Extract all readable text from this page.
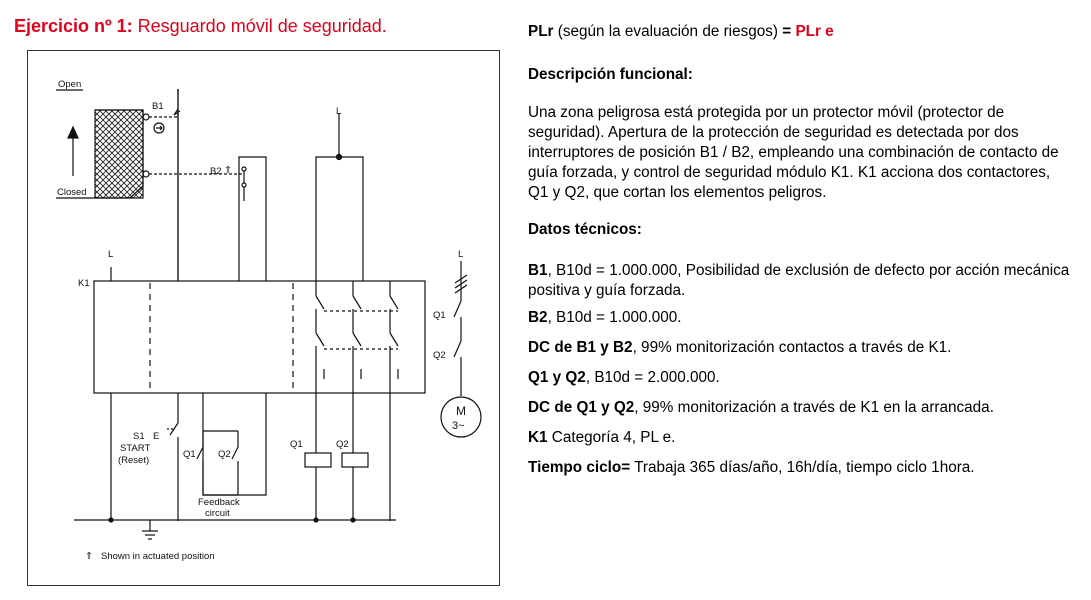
Ejercicio nº 1: Resguardo móvil de seguridad.
Open
Closed
B1
B2 ⇑
L
L	L
K1
Q1
Q2
M
3~
S1 E
START
(Reset)
Q1 Q2
Q1	Q2
Feedback
circuit
⇑ Shown in actuated position

PLr (según la evaluación de riesgos) = PLr e

Descripción funcional:

Una zona peligrosa está protegida por un protector móvil (protector de seguridad). Apertura de la protección de seguridad es detectada por dos interruptores de posición B1 / B2, empleando una combinación de contacto de guía forzada, y control de seguridad módulo K1. K1 acciona dos contactores, Q1 y Q2, que cortan los elementos peligros.

Datos técnicos:

B1, B10d = 1.000.000, Posibilidad de exclusión de defecto por acción mecánica positiva y guía forzada.

B2, B10d = 1.000.000.

DC de B1 y B2, 99% monitorización contactos a través de K1.

Q1 y Q2, B10d = 2.000.000.

DC de Q1 y Q2, 99% monitorización a través de K1 en la arrancada.

K1 Categoría 4, PL e.

Tiempo ciclo= Trabaja 365 días/año, 16h/día, tiempo ciclo 1hora.
